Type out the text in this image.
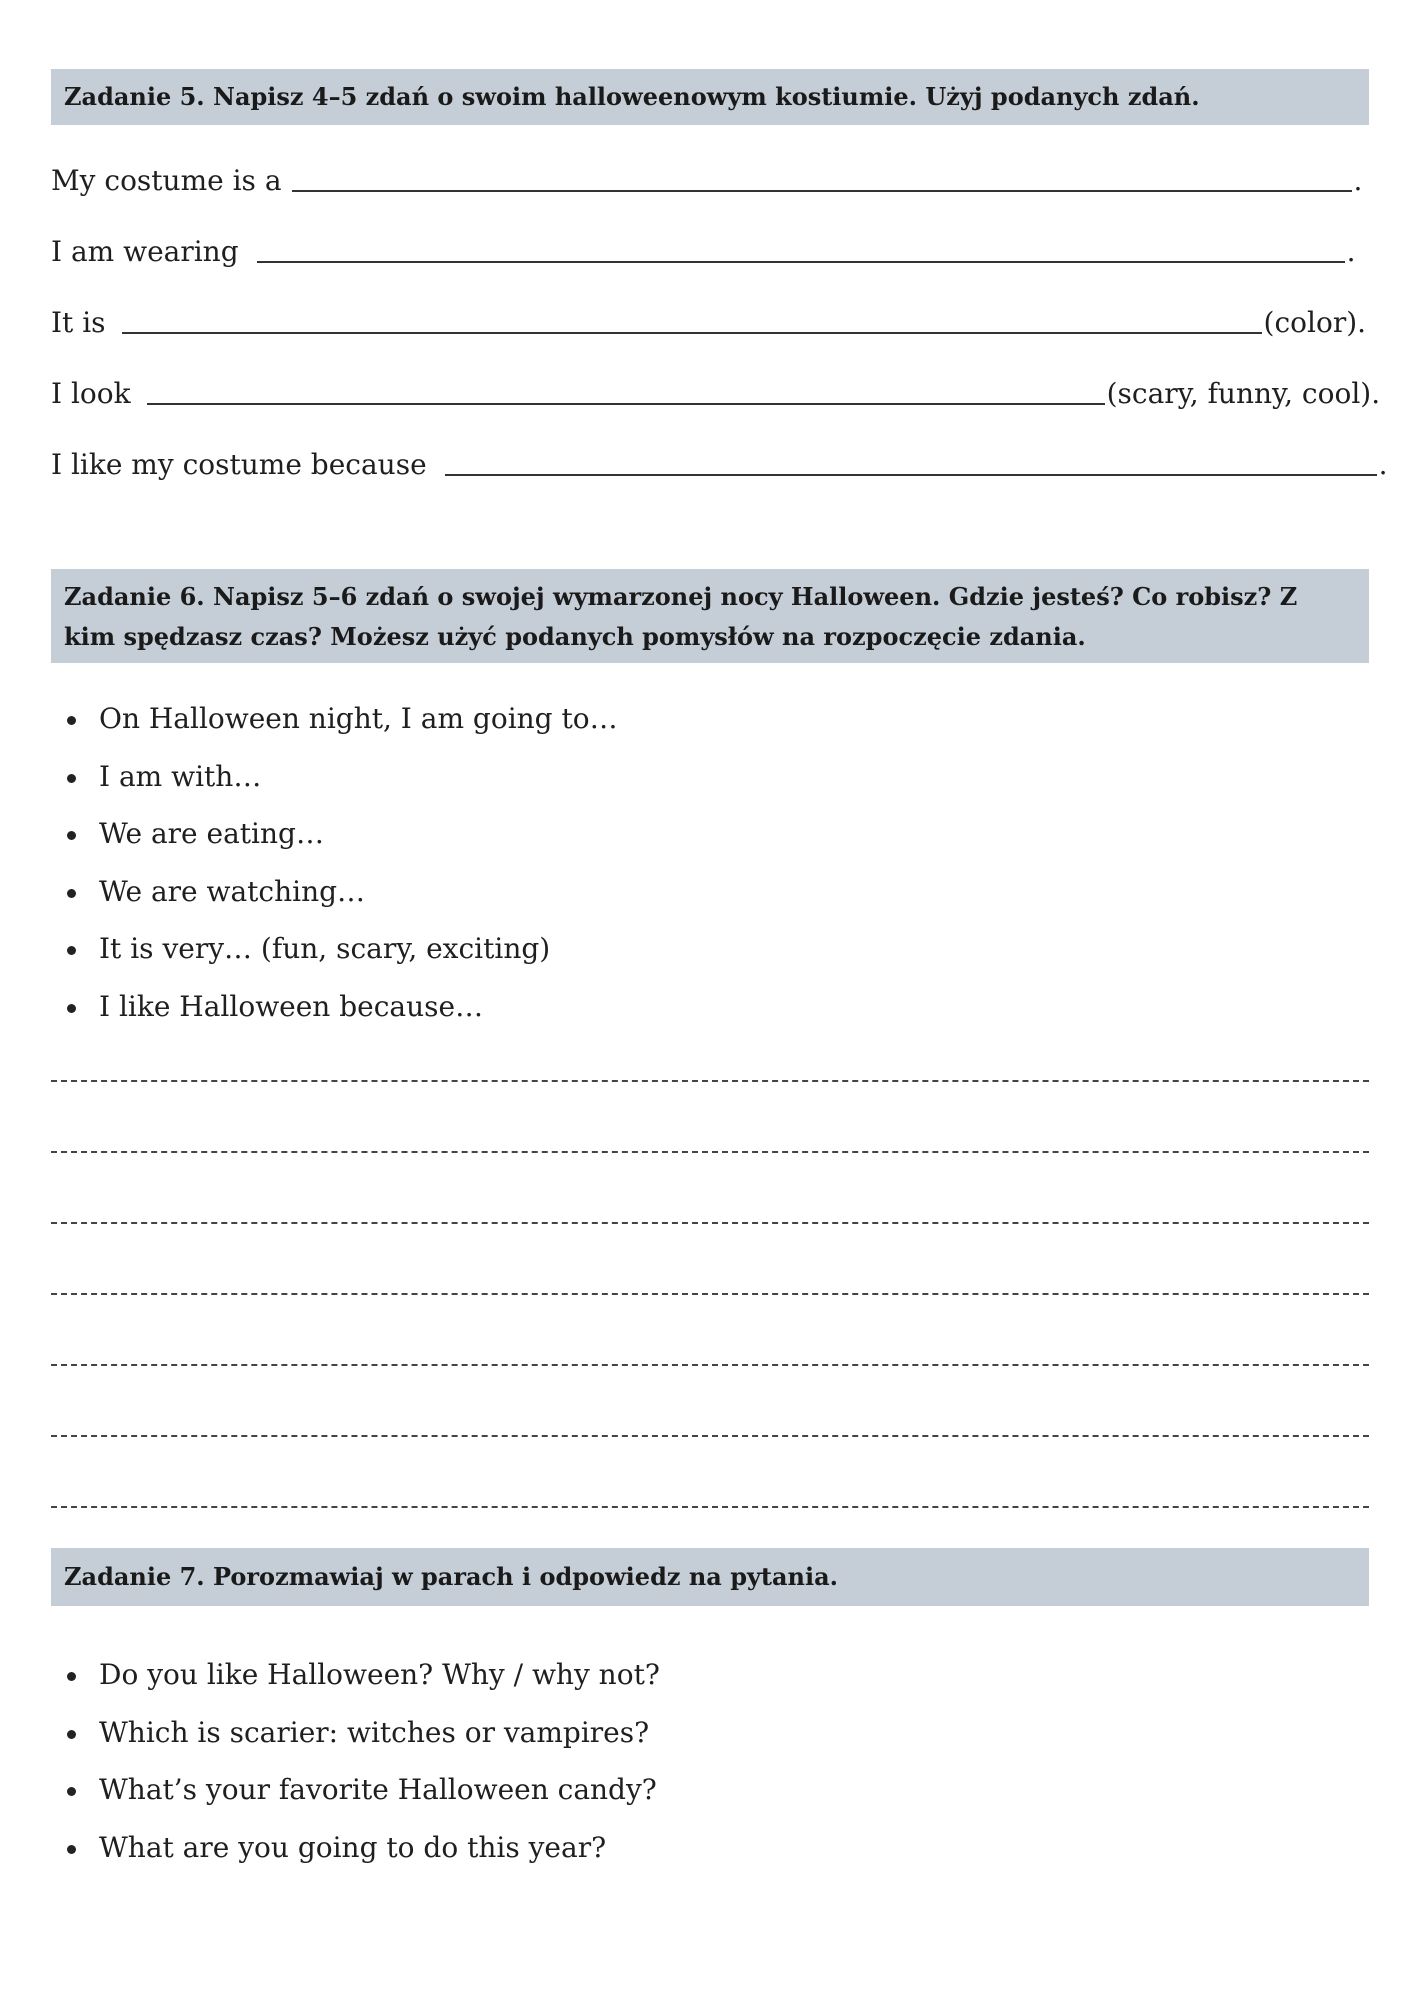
Zadanie 5. Napisz 4–5 zdań o swoim halloweenowym kostiumie. Użyj podanych zdań.
My costume is a	.
I am wearing	.
It is	(color).
I look	(scary, funny, cool).
I like my costume because	.
Zadanie 6. Napisz 5–6 zdań o swojej wymarzonej nocy Halloween. Gdzie jesteś? Co robisz? Z kim spędzasz czas? Możesz użyć podanych pomysłów na rozpoczęcie zdania.
On Halloween night, I am going to…
I am with…
We are eating…
We are watching…
It is very… (fun, scary, exciting)
I like Halloween because…
Zadanie 7. Porozmawiaj w parach i odpowiedz na pytania.
Do you like Halloween? Why / why not?
Which is scarier: witches or vampires?
What’s your favorite Halloween candy?
What are you going to do this year?
